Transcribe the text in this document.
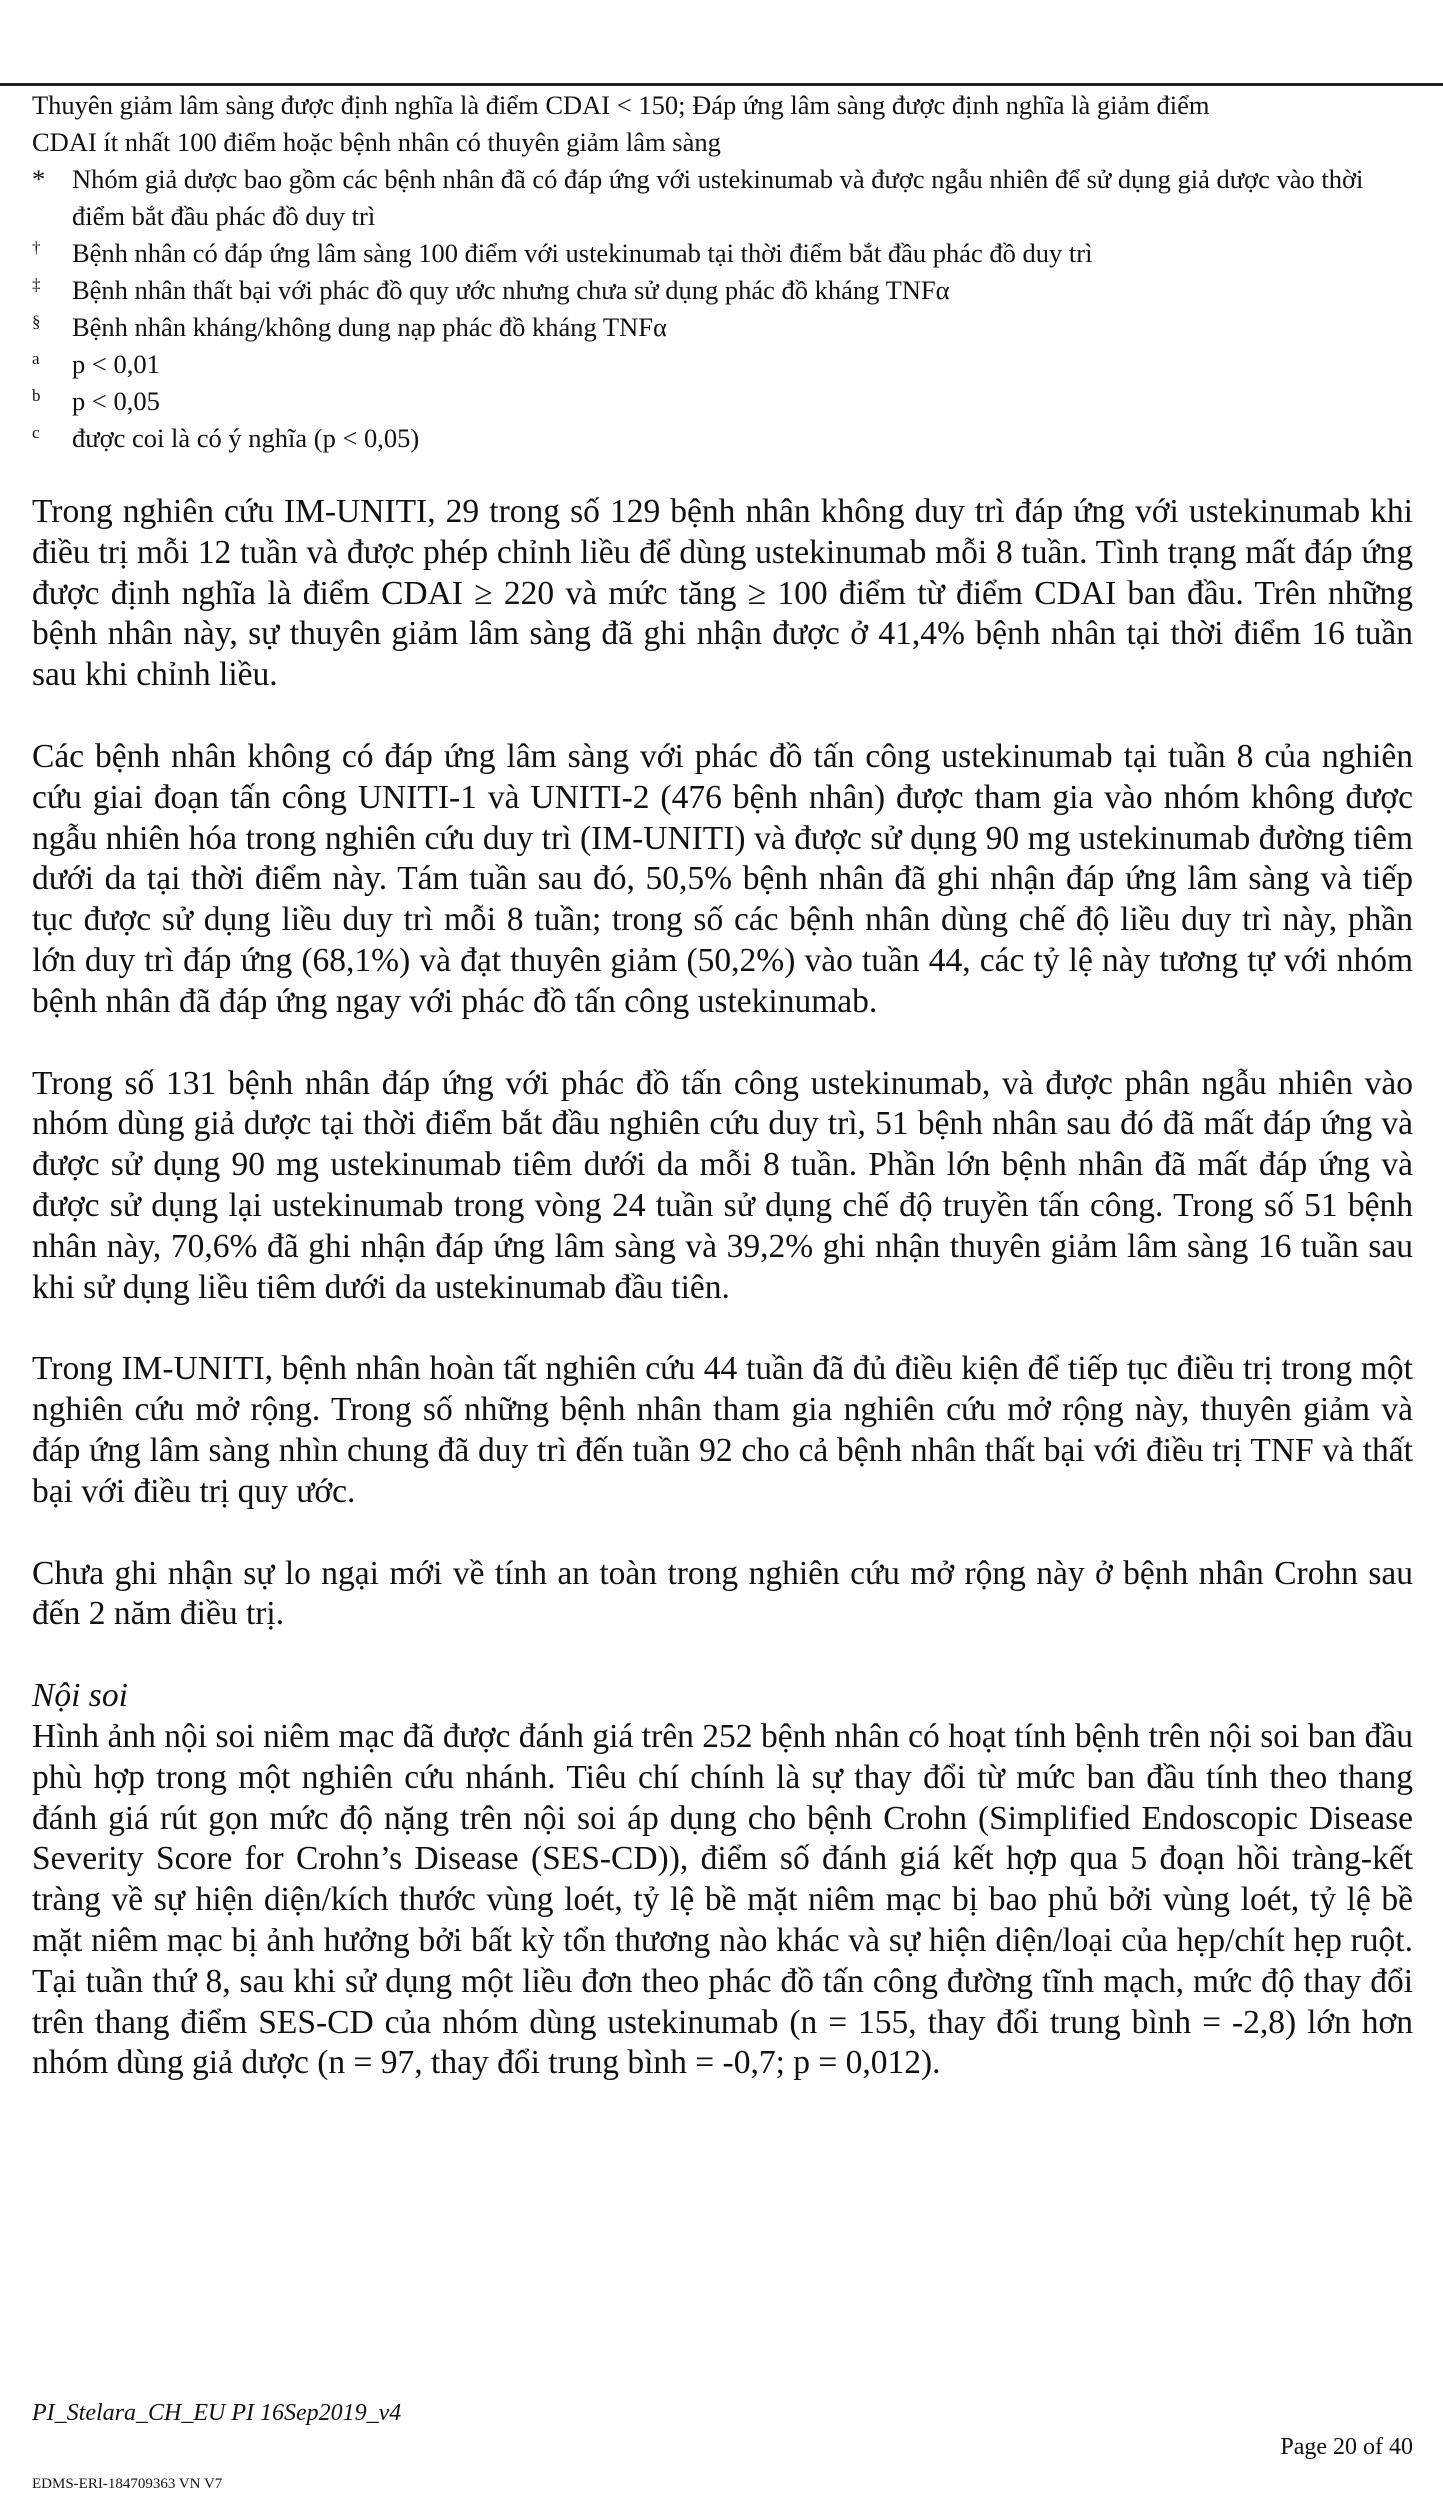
Thuyên giảm lâm sàng được định nghĩa là điểm CDAI < 150; Đáp ứng lâm sàng được định nghĩa là giảm điểm

CDAI ít nhất 100 điểm hoặc bệnh nhân có thuyên giảm lâm sàng

*	Nhóm giả dược bao gồm các bệnh nhân đã có đáp ứng với ustekinumab và được ngẫu nhiên để sử dụng giả dược vào thời điểm bắt đầu phác đồ duy trì

†	Bệnh nhân có đáp ứng lâm sàng 100 điểm với ustekinumab tại thời điểm bắt đầu phác đồ duy trì

‡	Bệnh nhân thất bại với phác đồ quy ước nhưng chưa sử dụng phác đồ kháng TNFα

§	Bệnh nhân kháng/không dung nạp phác đồ kháng TNFα

a	p < 0,01

b	p < 0,05

c	được coi là có ý nghĩa (p < 0,05)

Trong nghiên cứu IM-UNITI, 29 trong số 129 bệnh nhân không duy trì đáp ứng với ustekinumab khi điều trị mỗi 12 tuần và được phép chỉnh liều để dùng ustekinumab mỗi 8 tuần. Tình trạng mất đáp ứng được định nghĩa là điểm CDAI ≥ 220 và mức tăng ≥ 100 điểm từ điểm CDAI ban đầu. Trên những bệnh nhân này, sự thuyên giảm lâm sàng đã ghi nhận được ở 41,4% bệnh nhân tại thời điểm 16 tuần sau khi chỉnh liều.

Các bệnh nhân không có đáp ứng lâm sàng với phác đồ tấn công ustekinumab tại tuần 8 của nghiên cứu giai đoạn tấn công UNITI-1 và UNITI-2 (476 bệnh nhân) được tham gia vào nhóm không được ngẫu nhiên hóa trong nghiên cứu duy trì (IM-UNITI) và được sử dụng 90 mg ustekinumab đường tiêm dưới da tại thời điểm này. Tám tuần sau đó, 50,5% bệnh nhân đã ghi nhận đáp ứng lâm sàng và tiếp tục được sử dụng liều duy trì mỗi 8 tuần; trong số các bệnh nhân dùng chế độ liều duy trì này, phần lớn duy trì đáp ứng (68,1%) và đạt thuyên giảm (50,2%) vào tuần 44, các tỷ lệ này tương tự với nhóm bệnh nhân đã đáp ứng ngay với phác đồ tấn công ustekinumab.

Trong số 131 bệnh nhân đáp ứng với phác đồ tấn công ustekinumab, và được phân ngẫu nhiên vào nhóm dùng giả dược tại thời điểm bắt đầu nghiên cứu duy trì, 51 bệnh nhân sau đó đã mất đáp ứng và được sử dụng 90 mg ustekinumab tiêm dưới da mỗi 8 tuần. Phần lớn bệnh nhân đã mất đáp ứng và được sử dụng lại ustekinumab trong vòng 24 tuần sử dụng chế độ truyền tấn công. Trong số 51 bệnh nhân này, 70,6% đã ghi nhận đáp ứng lâm sàng và 39,2% ghi nhận thuyên giảm lâm sàng 16 tuần sau khi sử dụng liều tiêm dưới da ustekinumab đầu tiên.

Trong IM-UNITI, bệnh nhân hoàn tất nghiên cứu 44 tuần đã đủ điều kiện để tiếp tục điều trị trong một nghiên cứu mở rộng. Trong số những bệnh nhân tham gia nghiên cứu mở rộng này, thuyên giảm và đáp ứng lâm sàng nhìn chung đã duy trì đến tuần 92 cho cả bệnh nhân thất bại với điều trị TNF và thất bại với điều trị quy ước.

Chưa ghi nhận sự lo ngại mới về tính an toàn trong nghiên cứu mở rộng này ở bệnh nhân Crohn sau đến 2 năm điều trị.

Nội soi

Hình ảnh nội soi niêm mạc đã được đánh giá trên 252 bệnh nhân có hoạt tính bệnh trên nội soi ban đầu phù hợp trong một nghiên cứu nhánh. Tiêu chí chính là sự thay đổi từ mức ban đầu tính theo thang đánh giá rút gọn mức độ nặng trên nội soi áp dụng cho bệnh Crohn (Simplified Endoscopic Disease Severity Score for Crohn’s Disease (SES-CD)), điểm số đánh giá kết hợp qua 5 đoạn hồi tràng-kết tràng về sự hiện diện/kích thước vùng loét, tỷ lệ bề mặt niêm mạc bị bao phủ bởi vùng loét, tỷ lệ bề mặt niêm mạc bị ảnh hưởng bởi bất kỳ tổn thương nào khác và sự hiện diện/loại của hẹp/chít hẹp ruột. Tại tuần thứ 8, sau khi sử dụng một liều đơn theo phác đồ tấn công đường tĩnh mạch, mức độ thay đổi trên thang điểm SES-CD của nhóm dùng ustekinumab (n = 155, thay đổi trung bình = -2,8) lớn hơn nhóm dùng giả dược (n = 97, thay đổi trung bình = -0,7; p = 0,012).

PI_Stelara_CH_EU PI 16Sep2019_v4
Page 20 of 40
EDMS-ERI-184709363 VN V7
